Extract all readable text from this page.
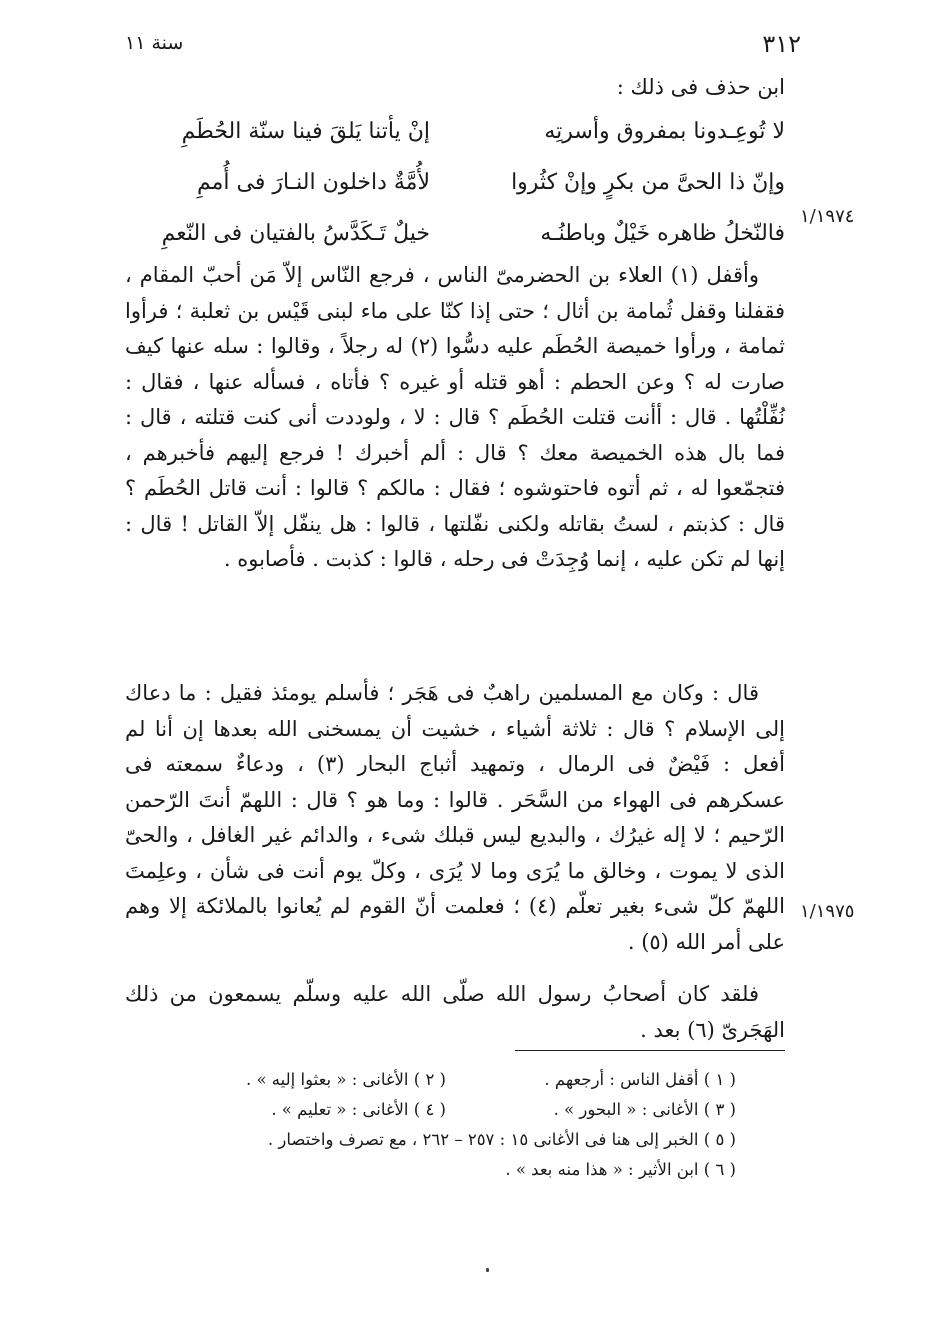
٣١٢
سنة ١١
ابن حذف فى ذلك :
لا تُوعِـدونا بمفروق وأسرتِه
إنْ يأتنا يَلقَ فينا سنّة الحُطَمِ
وإنّ ذا الحىَّ من بكرٍ وإنْ كثُروا
لأُمَّةٌ داخلون النـارَ فى أُممِ
فالنّخلُ ظاهره خَيْلٌ وباطنُـه
خيلٌ تَـكَدَّسُ بالفتيان فى النّعمِ
١/١٩٧٤
١/١٩٧٥
وأقفل (١) العلاء بن الحضرمىّ الناس ، فرجع النّاس إلاّ مَن أحبّ المقام ، فقفلنا وقفل ثُمامة بن أثال ؛ حتى إذا كنّا على ماء لبنى قَيْس بن ثعلبة ؛ فرأوا ثمامة ، ورأوا خميصة الحُطَم عليه دسُّوا (٢) له رجلاً ، وقالوا : سله عنها كيف صارت له ؟ وعن الحطم : أهو قتله أو غيره ؟ فأتاه ، فسأله عنها ، فقال : نُفِّلْتُها . قال : أأنت قتلت الحُطَم ؟ قال : لا ، ولوددت أنى كنت قتلته ، قال : فما بال هذه الخميصة معك ؟ قال : ألم أخبرك ! فرجع إليهم فأخبرهم ، فتجمّعوا له ، ثم أتوه فاحتوشوه ؛ فقال : مالكم ؟ قالوا : أنت قاتل الحُطَم ؟ قال : كذبتم ، لستُ بقاتله ولكنى نفّلتها ، قالوا : هل ينفّل إلاّ القاتل ! قال : إنها لم تكن عليه ، إنما وُجِدَتْ فى رحله ، قالوا : كذبت . فأصابوه .
قال : وكان مع المسلمين راهبٌ فى هَجَر ؛ فأسلم يومئذ فقيل : ما دعاك إلى الإسلام ؟ قال : ثلاثة أشياء ، خشيت أن يمسخنى الله بعدها إن أنا لم أفعل : فَيْضٌ فى الرمال ، وتمهيد أثباج البحار (٣) ، ودعاءٌ سمعته فى عسكرهم فى الهواء من السَّحَر . قالوا : وما هو ؟ قال : اللهمّ أنتَ الرّحمن الرّحيم ؛ لا إله غيرُك ، والبديع ليس قبلك شىء ، والدائم غير الغافل ، والحىّ الذى لا يموت ، وخالق ما يُرَى وما لا يُرَى ، وكلّ يوم أنت فى شأن ، وعلِمتَ اللهمّ كلّ شىء بغير تعلّم (٤) ؛ فعلمت أنّ القوم لم يُعانوا بالملائكة إلا وهم على أمر الله (٥) .
فلقد كان أصحابُ رسول الله صلّى الله عليه وسلّم يسمعون من ذلك الهَجَرىّ (٦) بعد .
( ١ ) أقفل الناس : أرجعهم .
( ٢ ) الأغانى : « بعثوا إليه » .
( ٣ ) الأغانى : « البحور » .
( ٤ ) الأغانى : « تعليم » .
( ٥ ) الخبر إلى هنا فى الأغانى ١٥ : ٢٥٧ – ٢٦٢ ، مع تصرف واختصار .
( ٦ ) ابن الأثير : « هذا منه بعد » .
